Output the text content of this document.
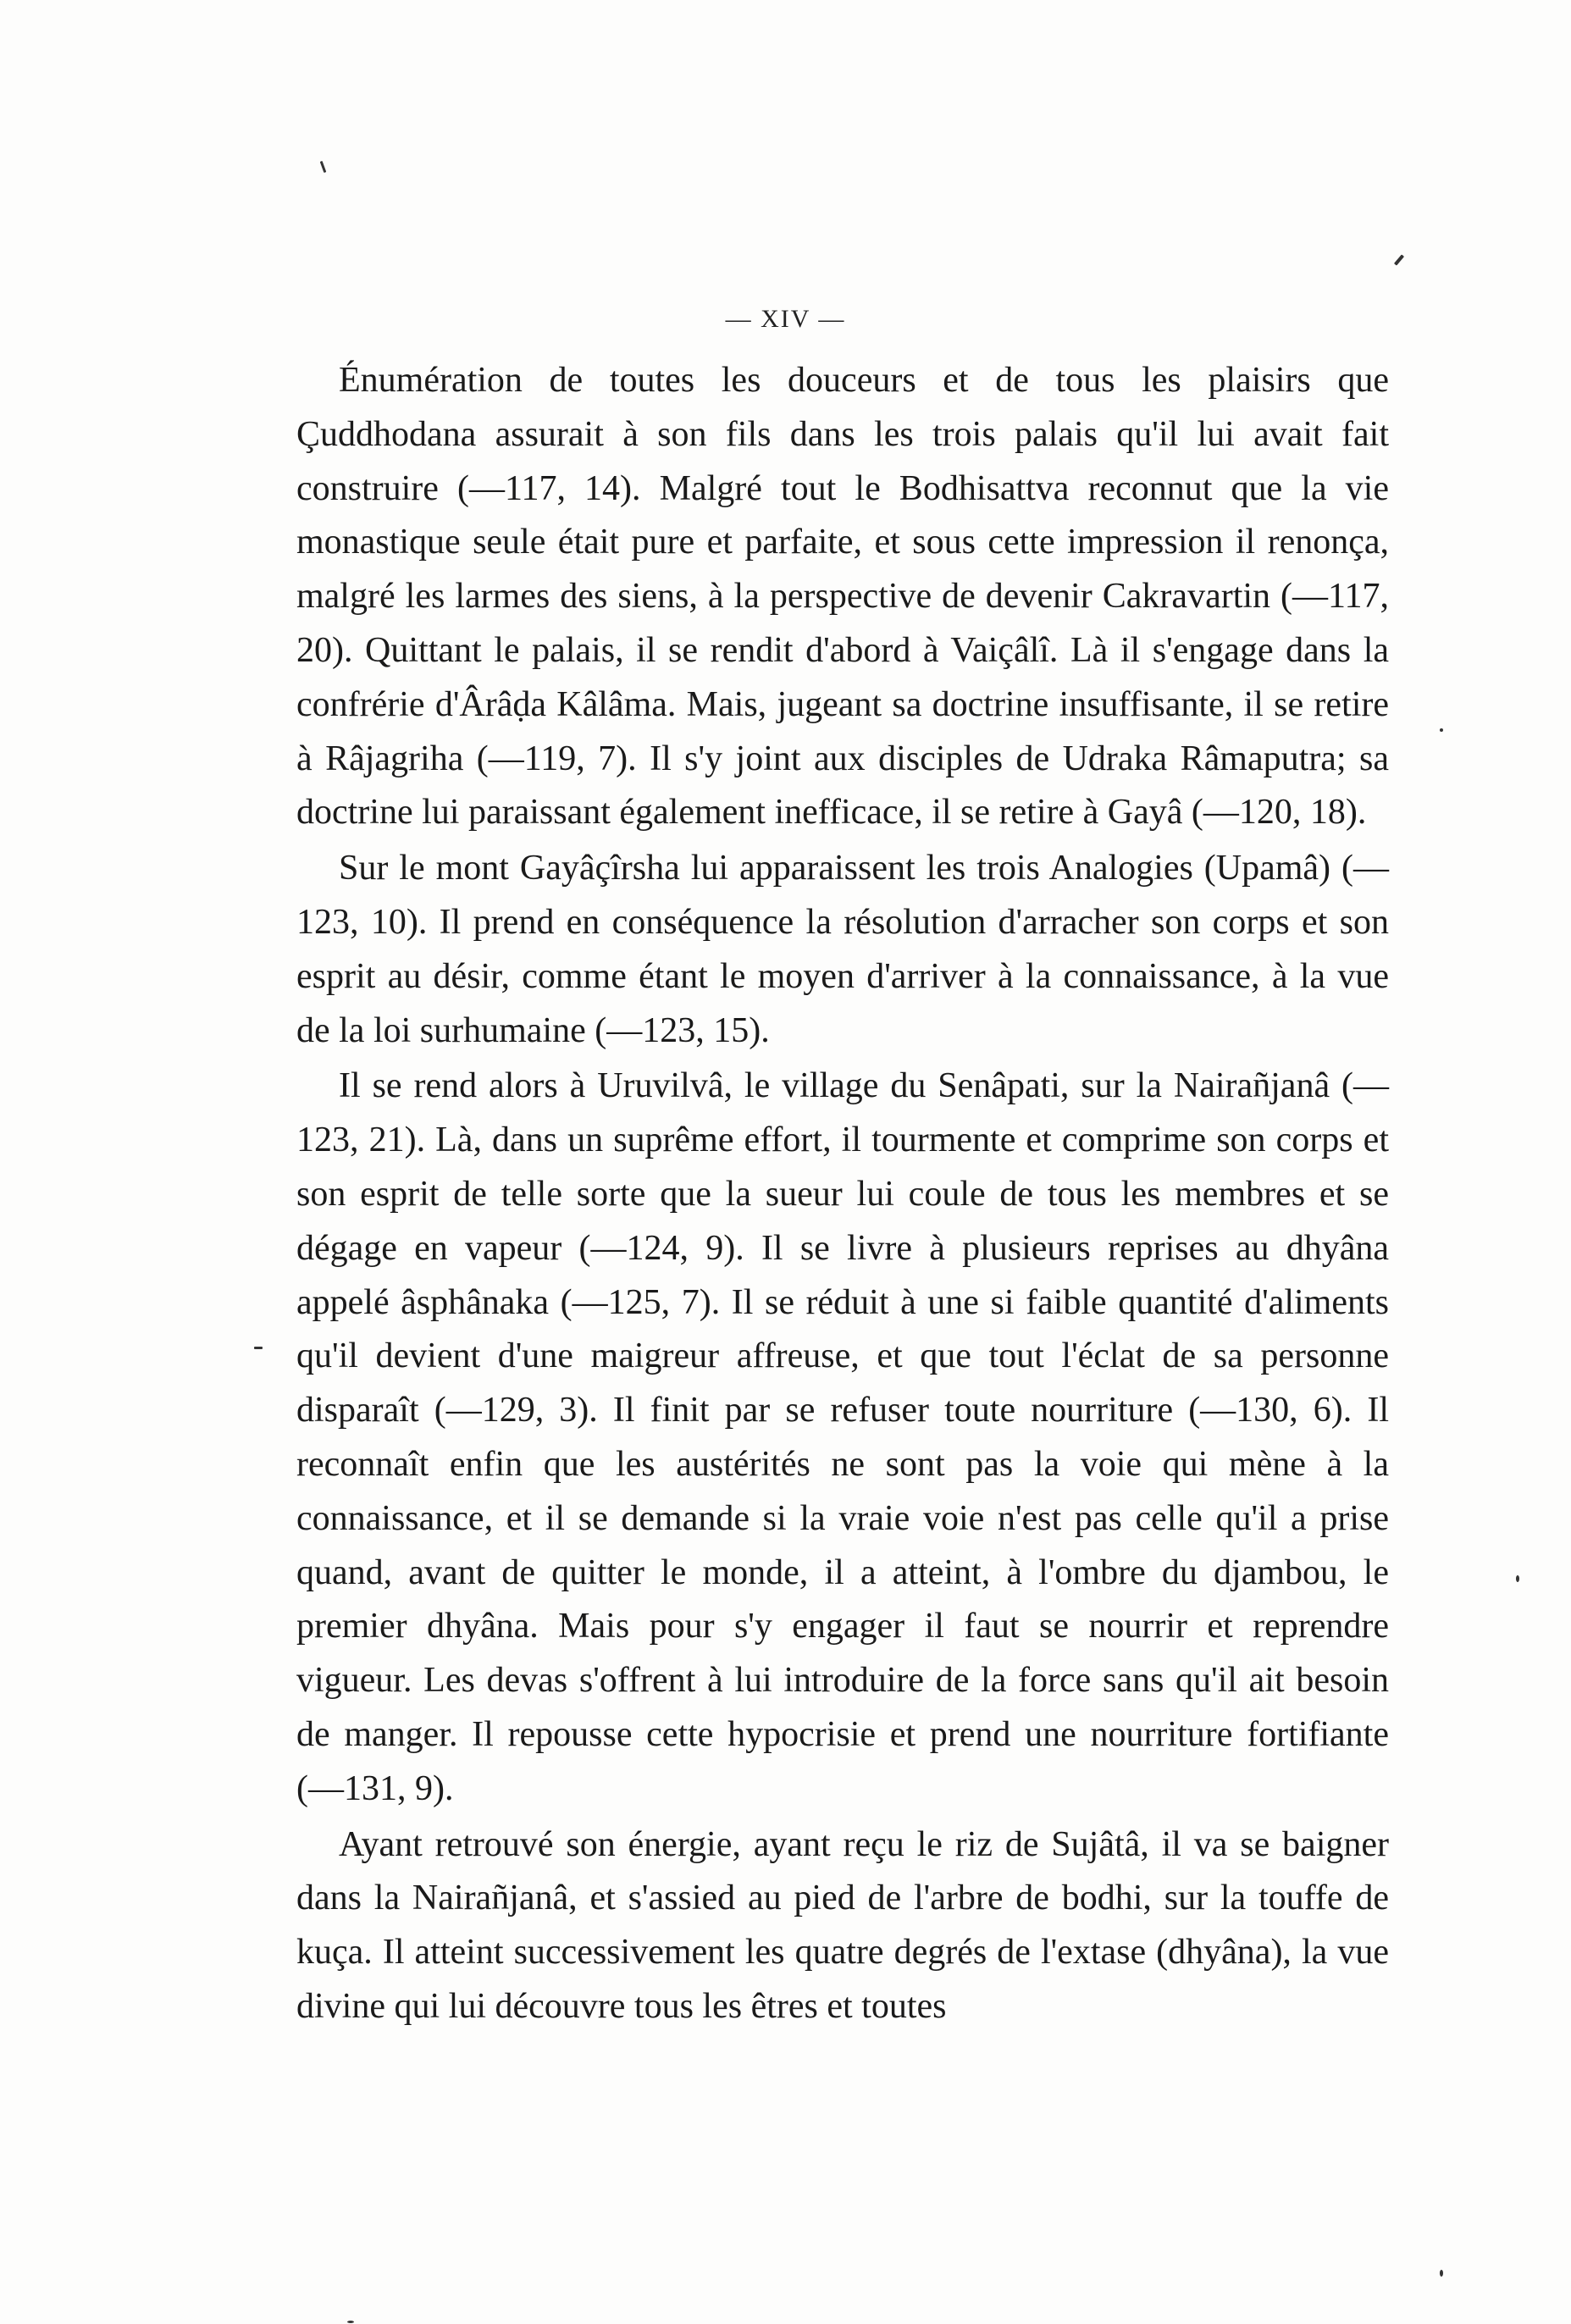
— XIV —

Énumération de toutes les douceurs et de tous les plaisirs que Çuddhodana assurait à son fils dans les trois palais qu'il lui avait fait construire (—117, 14). Malgré tout le Bodhisattva reconnut que la vie monastique seule était pure et parfaite, et sous cette impression il renonça, malgré les larmes des siens, à la perspective de devenir Cakravartin (—117, 20). Quittant le palais, il se rendit d'abord à Vaiçâlî. Là il s'engage dans la confrérie d'Ârâḍa Kâlâma. Mais, jugeant sa doctrine insuffisante, il se retire à Râjagriha (—119, 7). Il s'y joint aux disciples de Udraka Râmaputra; sa doctrine lui paraissant également inefficace, il se retire à Gayâ (—120, 18).

Sur le mont Gayâçîrsha lui apparaissent les trois Analogies (Upamâ) (—123, 10). Il prend en conséquence la résolution d'arracher son corps et son esprit au désir, comme étant le moyen d'arriver à la connaissance, à la vue de la loi surhumaine (—123, 15).

Il se rend alors à Uruvilvâ, le village du Senâpati, sur la Nairañjanâ (—123, 21). Là, dans un suprême effort, il tourmente et comprime son corps et son esprit de telle sorte que la sueur lui coule de tous les membres et se dégage en vapeur (—124, 9). Il se livre à plusieurs reprises au dhyâna appelé âsphânaka (—125, 7). Il se réduit à une si faible quantité d'aliments qu'il devient d'une maigreur affreuse, et que tout l'éclat de sa personne disparaît (—129, 3). Il finit par se refuser toute nourriture (—130, 6). Il reconnaît enfin que les austérités ne sont pas la voie qui mène à la connaissance, et il se demande si la vraie voie n'est pas celle qu'il a prise quand, avant de quitter le monde, il a atteint, à l'ombre du djambou, le premier dhyâna. Mais pour s'y engager il faut se nourrir et reprendre vigueur. Les devas s'offrent à lui introduire de la force sans qu'il ait besoin de manger. Il repousse cette hypocrisie et prend une nourriture fortifiante (—131, 9).

Ayant retrouvé son énergie, ayant reçu le riz de Sujâtâ, il va se baigner dans la Nairañjanâ, et s'assied au pied de l'arbre de bodhi, sur la touffe de kuça. Il atteint successivement les quatre degrés de l'extase (dhyâna), la vue divine qui lui découvre tous les êtres et toutes
